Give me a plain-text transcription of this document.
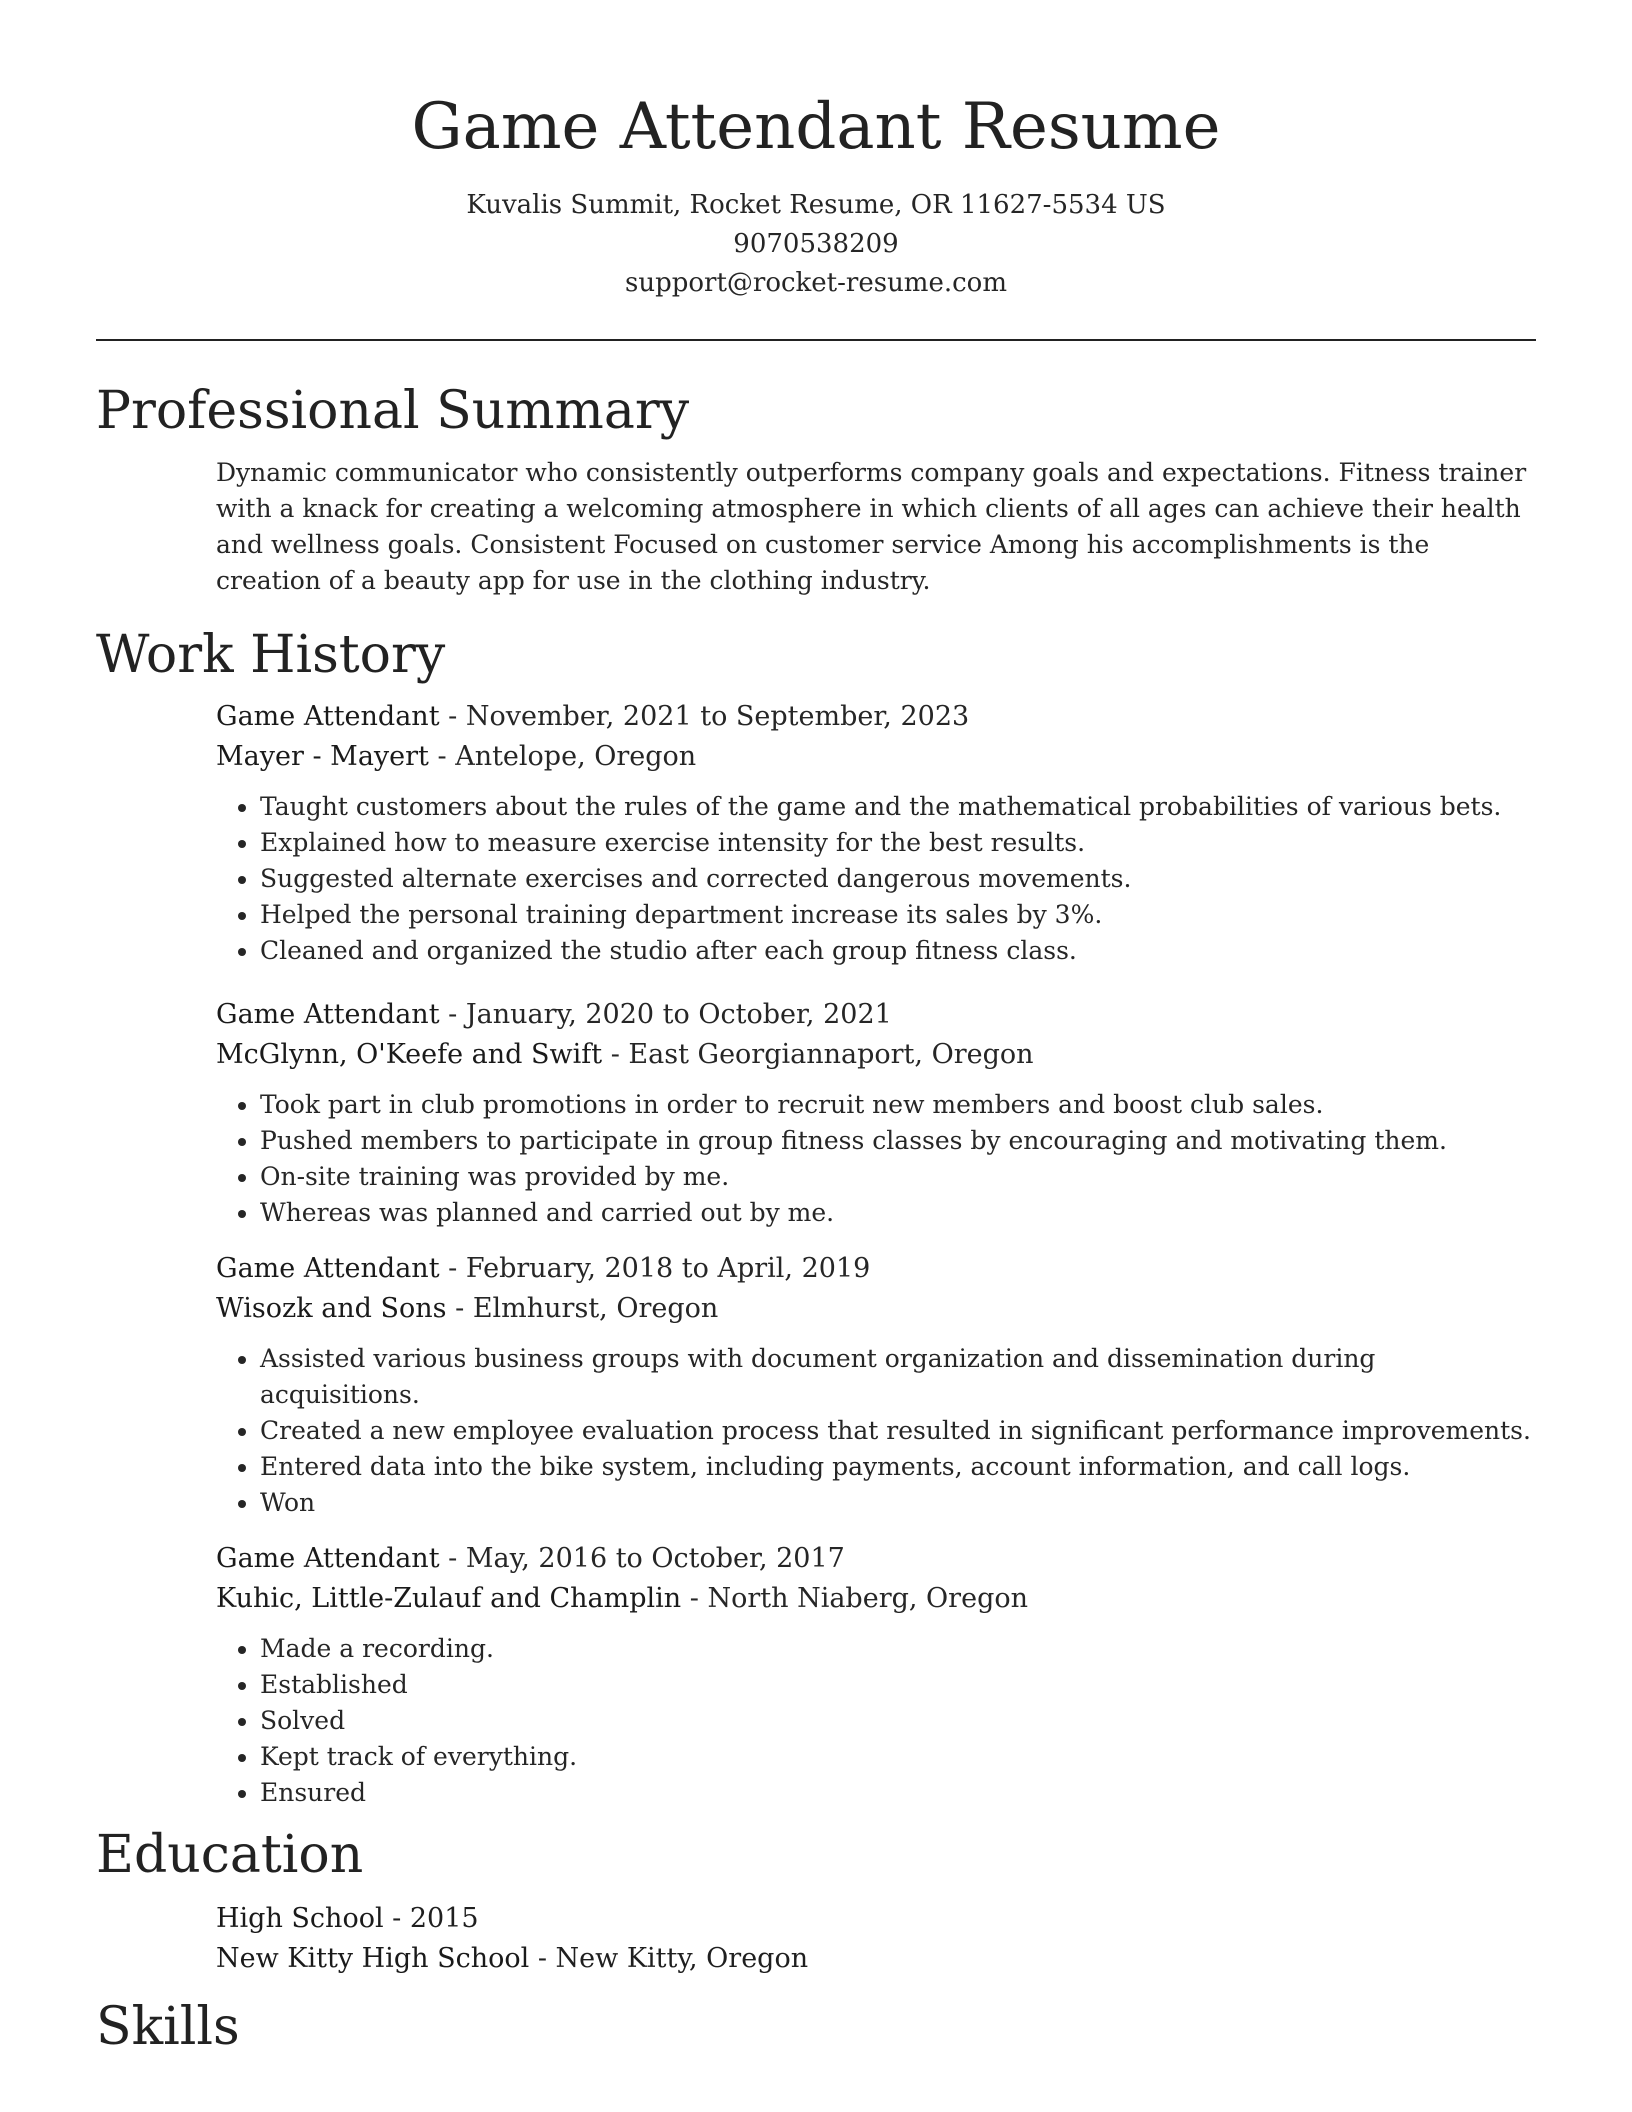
Game Attendant Resume
Kuvalis Summit, Rocket Resume, OR 11627-5534 US
9070538209
support@rocket-resume.com
Professional Summary
Dynamic communicator who consistently outperforms company goals and expectations. Fitness trainer with a knack for creating a welcoming atmosphere in which clients of all ages can achieve their health and wellness goals. Consistent Focused on customer service Among his accomplishments is the creation of a beauty app for use in the clothing industry.
Work History
Game Attendant - November, 2021 to September, 2023
Mayer - Mayert - Antelope, Oregon
• Taught customers about the rules of the game and the mathematical probabilities of various bets.
• Explained how to measure exercise intensity for the best results.
• Suggested alternate exercises and corrected dangerous movements.
• Helped the personal training department increase its sales by 3%.
• Cleaned and organized the studio after each group fitness class.
Game Attendant - January, 2020 to October, 2021
McGlynn, O'Keefe and Swift - East Georgiannaport, Oregon
• Took part in club promotions in order to recruit new members and boost club sales.
• Pushed members to participate in group fitness classes by encouraging and motivating them.
• On-site training was provided by me.
• Whereas was planned and carried out by me.
Game Attendant - February, 2018 to April, 2019
Wisozk and Sons - Elmhurst, Oregon
• Assisted various business groups with document organization and dissemination during acquisitions.
• Created a new employee evaluation process that resulted in significant performance improvements.
• Entered data into the bike system, including payments, account information, and call logs.
• Won
Game Attendant - May, 2016 to October, 2017
Kuhic, Little-Zulauf and Champlin - North Niaberg, Oregon
• Made a recording.
• Established
• Solved
• Kept track of everything.
• Ensured
Education
High School - 2015
New Kitty High School - New Kitty, Oregon
Skills
